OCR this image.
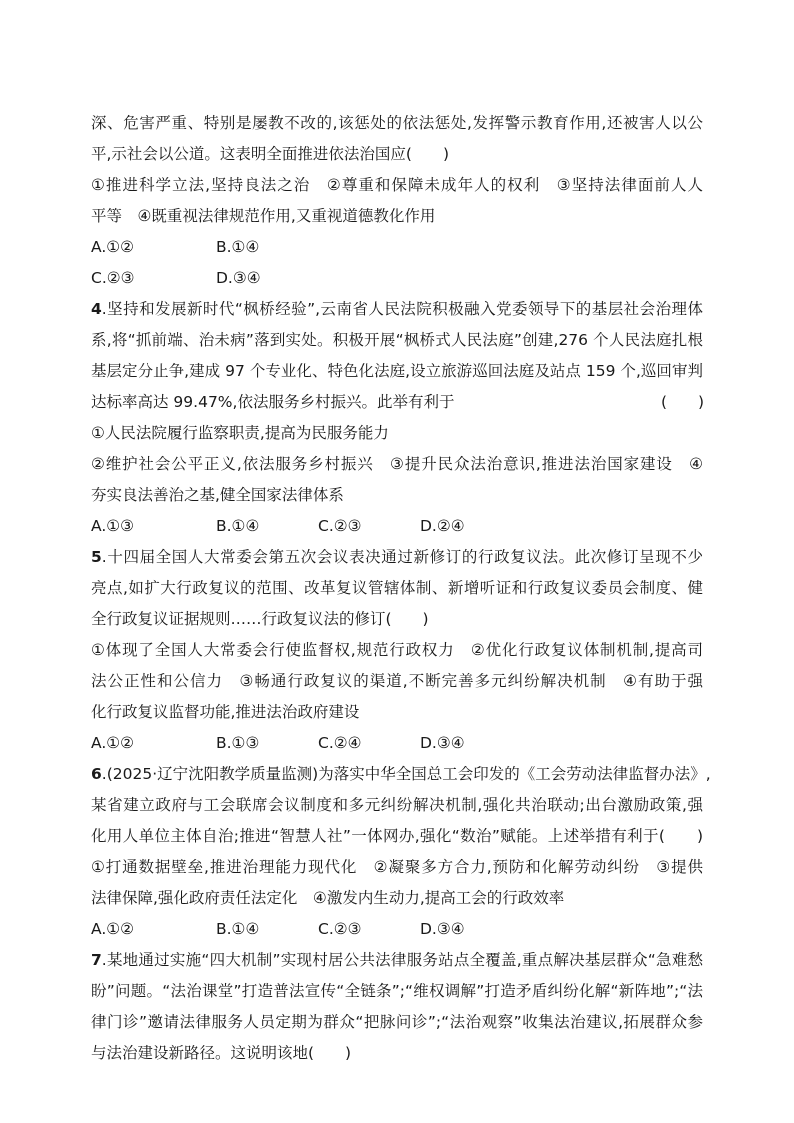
深、危害严重、特别是屡教不改的,该惩处的依法惩处,发挥警示教育作用,还被害人以公
平,示社会以公道。这表明全面推进依法治国应(　　)
①推进科学立法,坚持良法之治　②尊重和保障未成年人的权利　③坚持法律面前人人
平等　④既重视法律规范作用,又重视道德教化作用
A.①②	B.①④
C.②③	D.③④
4.坚持和发展新时代“枫桥经验”,云南省人民法院积极融入党委领导下的基层社会治理体
系,将“抓前端、治未病”落到实处。积极开展“枫桥式人民法庭”创建,276 个人民法庭扎根
基层定分止争,建成 97 个专业化、特色化法庭,设立旅游巡回法庭及站点 159 个,巡回审判
达标率高达 99.47%,依法服务乡村振兴。此举有利于	(　　)
①人民法院履行监察职责,提高为民服务能力
②维护社会公平正义,依法服务乡村振兴　③提升民众法治意识,推进法治国家建设　④
夯实良法善治之基,健全国家法律体系
A.①③	B.①④	C.②③	D.②④
5.十四届全国人大常委会第五次会议表决通过新修订的行政复议法。此次修订呈现不少
亮点,如扩大行政复议的范围、改革复议管辖体制、新增听证和行政复议委员会制度、健
全行政复议证据规则……行政复议法的修订(　　)
①体现了全国人大常委会行使监督权,规范行政权力　②优化行政复议体制机制,提高司
法公正性和公信力　③畅通行政复议的渠道,不断完善多元纠纷解决机制　④有助于强
化行政复议监督功能,推进法治政府建设
A.①②	B.①③	C.②④	D.③④
6.(2025·辽宁沈阳教学质量监测)为落实中华全国总工会印发的《工会劳动法律监督办法》,
某省建立政府与工会联席会议制度和多元纠纷解决机制,强化共治联动;出台激励政策,强
化用人单位主体自治;推进“智慧人社”一体网办,强化“数治”赋能。上述举措有利于(　　)
①打通数据壁垒,推进治理能力现代化　②凝聚多方合力,预防和化解劳动纠纷　③提供
法律保障,强化政府责任法定化　④激发内生动力,提高工会的行政效率
A.①②	B.①④	C.②③	D.③④
7.某地通过实施“四大机制”实现村居公共法律服务站点全覆盖,重点解决基层群众“急难愁
盼”问题。“法治课堂”打造普法宣传“全链条”;“维权调解”打造矛盾纠纷化解“新阵地”;“法
律门诊”邀请法律服务人员定期为群众“把脉问诊”;“法治观察”收集法治建议,拓展群众参
与法治建设新路径。这说明该地(　　)
